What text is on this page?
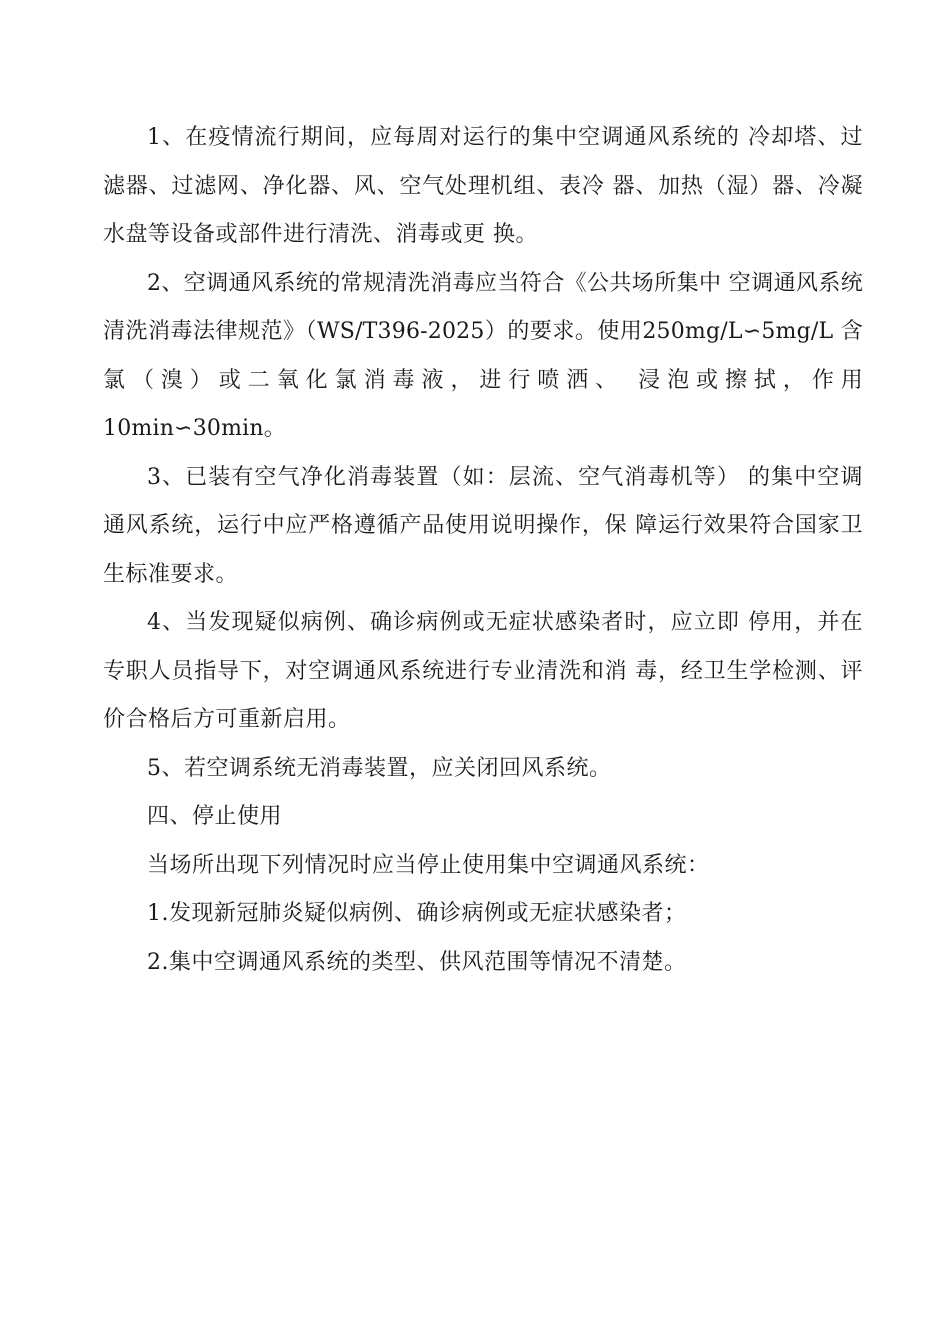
1、在疫情流行期间，应每周对运行的集中空调通风系统的 冷却塔、过滤器、过滤网、净化器、风、空气处理机组、表冷 器、加热（湿）器、冷凝水盘等设备或部件进行清洗、消毒或更 换。

2、空调通风系统的常规清洗消毒应当符合《公共场所集中 空调通风系统清洗消毒法律规范》（WS/T396-2025）的要求。使用250mg/L∽5mg/L 含氯（溴）或二氧化氯消毒液，进行喷洒、 浸泡或擦拭，作用 10min∽30min。

3、已装有空气净化消毒装置（如：层流、空气消毒机等） 的集中空调通风系统，运行中应严格遵循产品使用说明操作，保 障运行效果符合国家卫生标准要求。

4、当发现疑似病例、确诊病例或无症状感染者时，应立即 停用，并在专职人员指导下，对空调通风系统进行专业清洗和消 毒，经卫生学检测、评价合格后方可重新启用。

5、若空调系统无消毒装置，应关闭回风系统。

四、停止使用

当场所出现下列情况时应当停止使用集中空调通风系统：

1.发现新冠肺炎疑似病例、确诊病例或无症状感染者；

2.集中空调通风系统的类型、供风范围等情况不清楚。
